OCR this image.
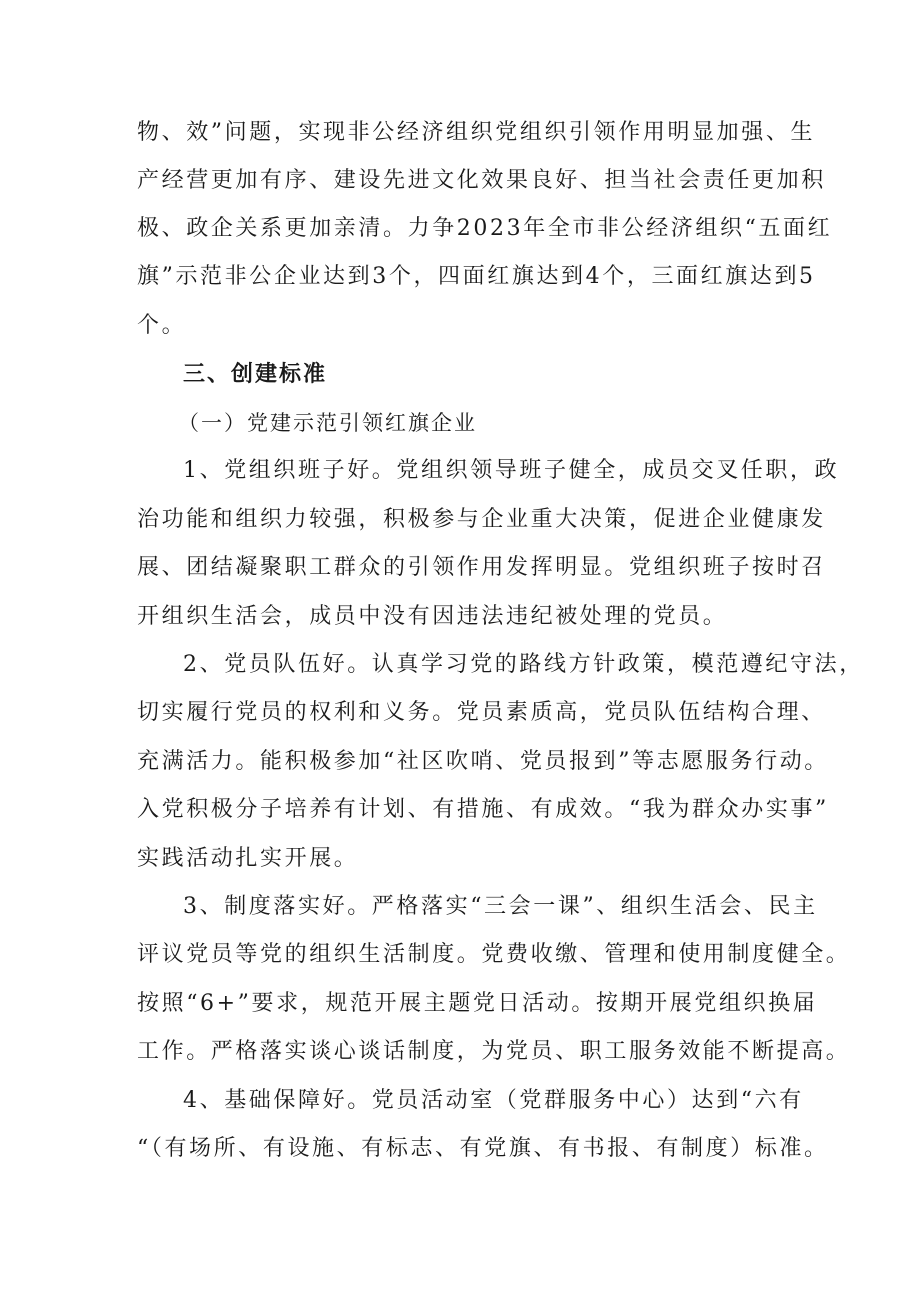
物、效”问题，实现非公经济组织党组织引领作用明显加强、生
产经营更加有序、建设先进文化效果良好、担当社会责任更加积
极、政企关系更加亲清。力争2023年全市非公经济组织“五面红
旗”示范非公企业达到3个，四面红旗达到4个，三面红旗达到5
个。
三、创建标准
（一）党建示范引领红旗企业
1、党组织班子好。党组织领导班子健全，成员交叉任职，政
治功能和组织力较强，积极参与企业重大决策，促进企业健康发
展、团结凝聚职工群众的引领作用发挥明显。党组织班子按时召
开组织生活会，成员中没有因违法违纪被处理的党员。
2、党员队伍好。认真学习党的路线方针政策，模范遵纪守法，
切实履行党员的权利和义务。党员素质高，党员队伍结构合理、
充满活力。能积极参加“社区吹哨、党员报到”等志愿服务行动。
入党积极分子培养有计划、有措施、有成效。“我为群众办实事”
实践活动扎实开展。
3、制度落实好。严格落实“三会一课”、组织生活会、民主
评议党员等党的组织生活制度。党费收缴、管理和使用制度健全。
按照“6+”要求，规范开展主题党日活动。按期开展党组织换届
工作。严格落实谈心谈话制度，为党员、职工服务效能不断提高。
4、基础保障好。党员活动室（党群服务中心）达到“六有
“（有场所、有设施、有标志、有党旗、有书报、有制度）标准。
